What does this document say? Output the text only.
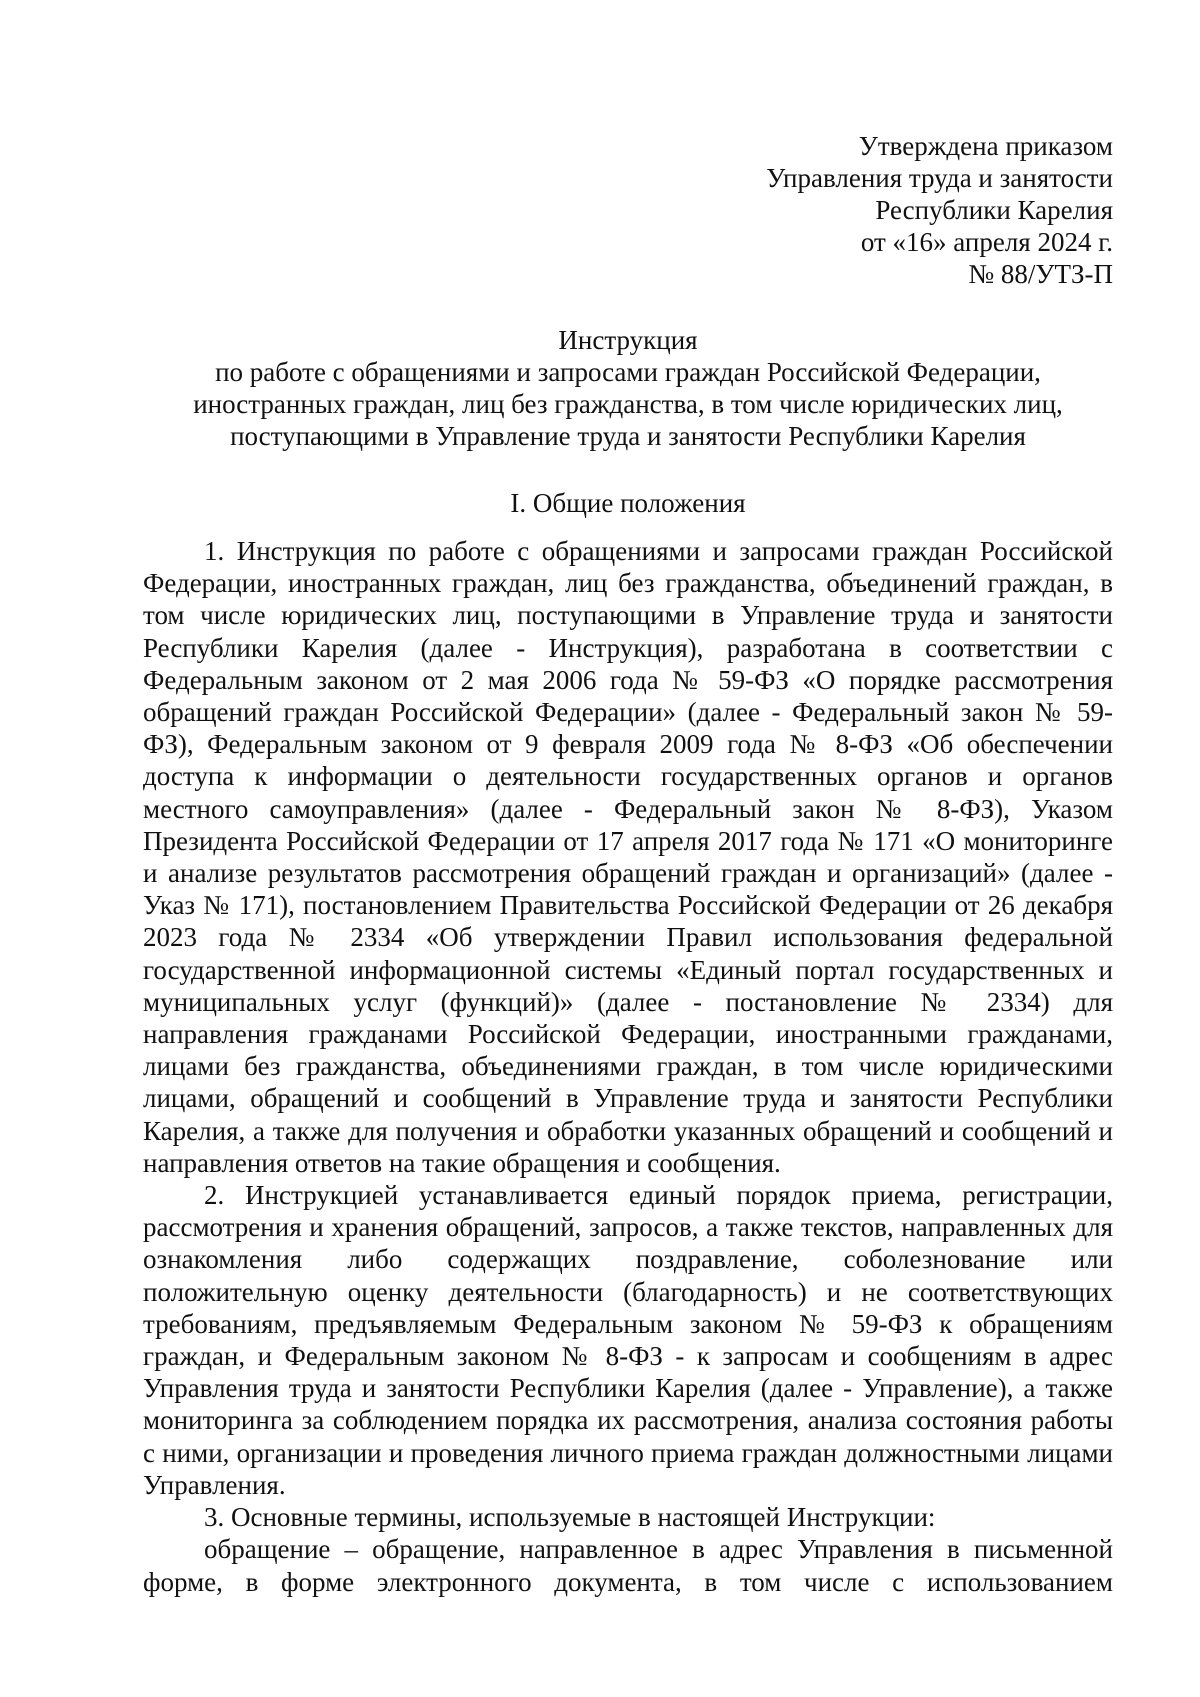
Утверждена приказом
Управления труда и занятости
Республики Карелия
от «16» апреля 2024 г.
№ 88/УТЗ-П
Инструкция
по работе с обращениями и запросами граждан Российской Федерации,
иностранных граждан, лиц без гражданства, в том числе юридических лиц,
поступающими в Управление труда и занятости Республики Карелия
I. Общие положения

1. Инструкция по работе с обращениями и запросами граждан Российской Федерации, иностранных граждан, лиц без гражданства, объединений граждан, в том числе юридических лиц, поступающими в Управление труда и занятости Республики Карелия (далее - Инструкция), разработана в соответствии с Федеральным законом от 2 мая 2006 года № 59-ФЗ «О порядке рассмотрения обращений граждан Российской Федерации» (далее - Федеральный закон № 59-ФЗ), Федеральным законом от 9 февраля 2009 года № 8-ФЗ «Об обеспечении доступа к информации о деятельности государственных органов и органов местного самоуправления» (далее - Федеральный закон № 8-ФЗ), Указом Президента Российской Федерации от 17 апреля 2017 года № 171 «О мониторинге и анализе результатов рассмотрения обращений граждан и организаций» (далее - Указ № 171), постановлением Правительства Российской Федерации от 26 декабря 2023 года № 2334 «Об утверждении Правил использования федеральной государственной информационной системы «Единый портал государственных и муниципальных услуг (функций)» (далее - постановление № 2334) для направления гражданами Российской Федерации, иностранными гражданами, лицами без гражданства, объединениями граждан, в том числе юридическими лицами, обращений и сообщений в Управление труда и занятости Республики Карелия, а также для получения и обработки указанных обращений и сообщений и направления ответов на такие обращения и сообщения.

2. Инструкцией устанавливается единый порядок приема, регистрации, рассмотрения и хранения обращений, запросов, а также текстов, направленных для ознакомления либо содержащих поздравление, соболезнование или положительную оценку деятельности (благодарность) и не соответствующих требованиям, предъявляемым Федеральным законом № 59-ФЗ к обращениям граждан, и Федеральным законом № 8-ФЗ - к запросам и сообщениям в адрес Управления труда и занятости Республики Карелия (далее - Управление), а также мониторинга за соблюдением порядка их рассмотрения, анализа состояния работы с ними, организации и проведения личного приема граждан должностными лицами Управления.

3. Основные термины, используемые в настоящей Инструкции:

обращение – обращение, направленное в адрес Управления в письменной форме, в форме электронного документа, в том числе с использованием
